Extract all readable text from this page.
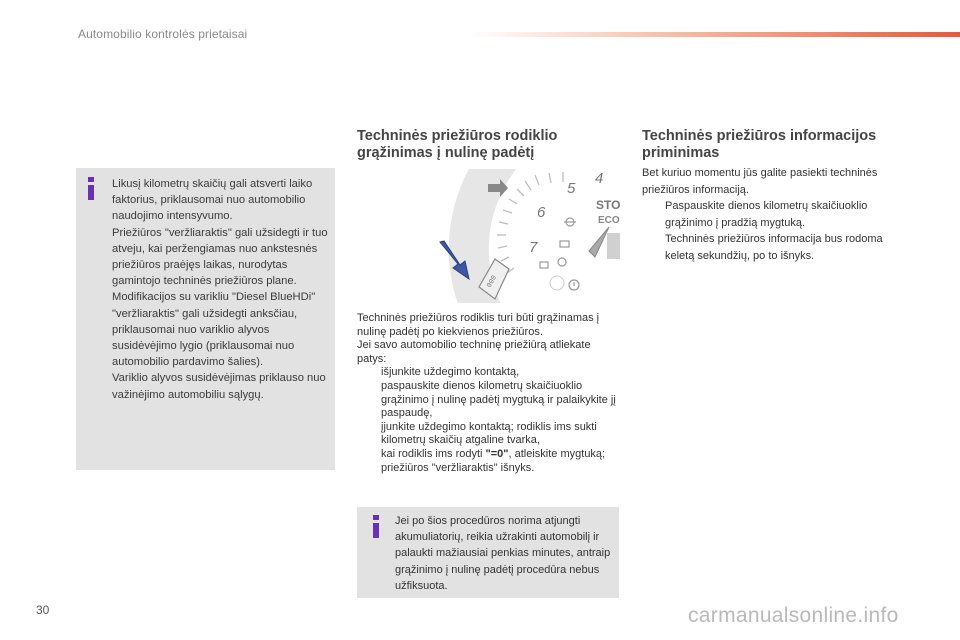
Automobilio kontrolės prietaisai

Likusį kilometrų skaičių gali atsverti laiko faktorius, priklausomai nuo automobilio naudojimo intensyvumo.

Priežiūros "veržliaraktis" gali užsidegti ir tuo atveju, kai peržengiamas nuo ankstesnės priežiūros praėjęs laikas, nurodytas gamintojo techninės priežiūros plane.

Modifikacijos su varikliu "Diesel BlueHDi" "veržliaraktis" gali užsidegti anksčiau, priklausomai nuo variklio alyvos susidėvėjimo lygio (priklausomai nuo automobilio pardavimo šalies).

Variklio alyvos susidėvėjimas priklauso nuo važinėjimo automobiliu sąlygų.

Techninės priežiūros rodiklio grąžinimas į nulinę padėtį
4
5
6
7
STO
ECO
000

Techninės priežiūros rodiklis turi būti grąžinamas į nulinę padėtį po kiekvienos priežiūros.

Jei savo automobilio techninę priežiūrą atliekate patys:

išjunkite uždegimo kontaktą,

paspauskite dienos kilometrų skaičiuoklio grąžinimo į nulinę padėtį mygtuką ir palaikykite jį paspaudę,

įjunkite uždegimo kontaktą; rodiklis ims sukti kilometrų skaičių atgaline tvarka,

kai rodiklis ims rodyti "=0", atleiskite mygtuką; priežiūros "veržliaraktis" išnyks.

Jei po šios procedūros norima atjungti akumuliatorių, reikia užrakinti automobilį ir palaukti mažiausiai penkias minutes, antraip grąžinimo į nulinę padėtį procedūra nebus užfiksuota.
Techninės priežiūros informacijos priminimas

Bet kuriuo momentu jūs galite pasiekti techninės priežiūros informaciją.

Paspauskite dienos kilometrų skaičiuoklio grąžinimo į pradžią mygtuką.

Techninės priežiūros informacija bus rodoma keletą sekundžių, po to išnyks.

30	carmanualsonline.info
